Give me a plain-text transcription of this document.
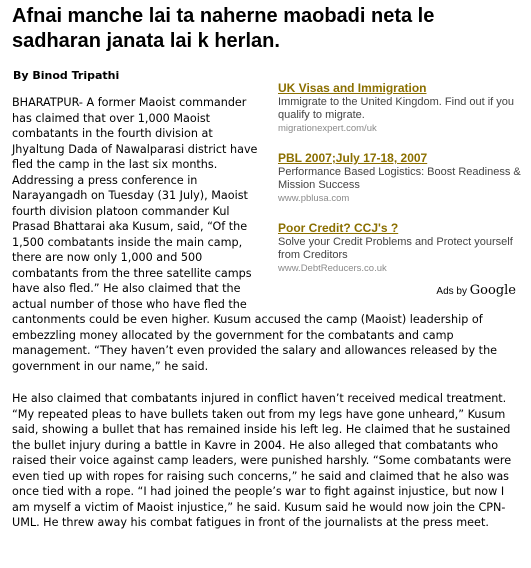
Afnai manche lai ta naherne maobadi neta le sadharan janata lai k herlan.
By Binod Tripathi
UK Visas and Immigration
Immigrate to the United Kingdom. Find out if you qualify to migrate.
migrationexpert.com/uk
PBL 2007;July 17-18, 2007
Performance Based Logistics: Boost Readiness & Mission Success
www.pblusa.com
Poor Credit? CCJ's ?
Solve your Credit Problems and Protect yourself from Creditors
www.DebtReducers.co.uk
Ads by Google

BHARATPUR- A former Maoist commander has claimed that over 1,000 Maoist combatants in the fourth division at Jhyaltung Dada of Nawalparasi district have fled the camp in the last six months. Addressing a press conference in Narayangadh on Tuesday (31 July), Maoist fourth division platoon commander Kul Prasad Bhattarai aka Kusum, said, “Of the 1,500 combatants inside the main camp, there are now only 1,000 and 500 combatants from the three satellite camps have also fled.” He also claimed that the actual number of those who have fled the cantonments could be even higher. Kusum accused the camp (Maoist) leadership of embezzling money allocated by the government for the combatants and camp management. “They haven’t even provided the salary and allowances released by the government in our name,” he said.

He also claimed that combatants injured in conflict haven’t received medical treatment. “My repeated pleas to have bullets taken out from my legs have gone unheard,” Kusum said, showing a bullet that has remained inside his left leg. He claimed that he sustained the bullet injury during a battle in Kavre in 2004. He also alleged that combatants who raised their voice against camp leaders, were punished harshly. “Some combatants were even tied up with ropes for raising such concerns,” he said and claimed that he also was once tied with a rope. “I had joined the people’s war to fight against injustice, but now I am myself a victim of Maoist injustice,” he said. Kusum said he would now join the CPN-UML. He threw away his combat fatigues in front of the journalists at the press meet.
